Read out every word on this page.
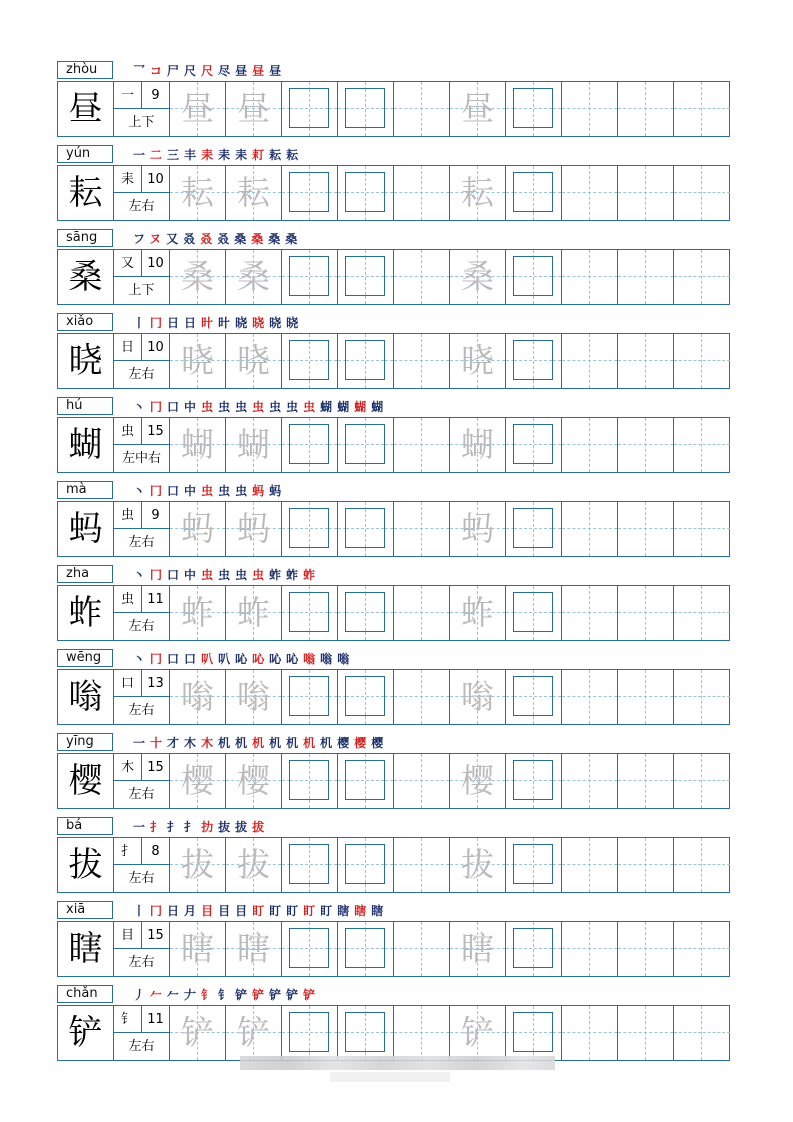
zhòu	乛コ尸尺尺尽昼昼昼
昼	一	9
上下 昼 昼	昼
yún	一二三丰耒耒耒耓耘耘
耘	耒	10
左右 耘 耘	耘
sāng	フヌ又叒叒叒桑桑桑桑
桑	又	10
上下 桑 桑	桑
xiǎo	丨冂日日旪旪晓晓晓晓
晓	日	10
左右 晓 晓	晓
hú	丶冂口中虫虫虫虫虫虫虫蝴蝴蝴蝴
蝴	虫	15
左中右 蝴 蝴	蝴
mà	丶冂口中虫虫虫蚂蚂
蚂	虫	9
左右 蚂 蚂	蚂
zha	丶冂口中虫虫虫虫蚱蚱蚱
蚱	虫	11
左右 蚱 蚱	蚱
wēng	丶冂口口叭叭吣吣吣吣嗡嗡嗡
嗡	口	13
左右 嗡 嗡	嗡
yīng	一十才木木机机机机机机机樱樱樱
樱	木	15
左右 樱 樱	樱
bá	一扌扌扌扐抜拔拔
拔	扌	8
左右 拔 拔	拔
xiā	丨冂日月目目目盯盯盯盯盯瞎瞎瞎
瞎	目	15
左右 瞎 瞎	瞎
chǎn	丿𠂉𠂉𠂇钅钅铲铲铲铲铲
铲	钅	11
左右 铲 铲	铲
